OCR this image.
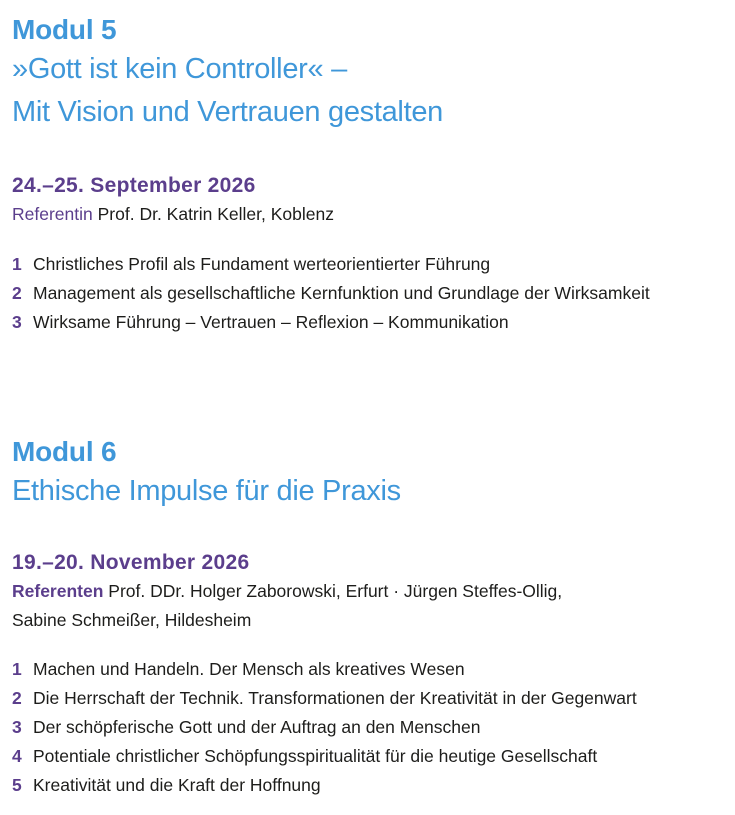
Modul 5
»Gott ist kein Controller« –
Mit Vision und Vertrauen gestalten
24.–25. September 2026
Referentin Prof. Dr. Katrin Keller, Koblenz
1 Christliches Profil als Fundament werteorientierter Führung
2 Management als gesellschaftliche Kernfunktion und Grundlage der Wirksamkeit
3 Wirksame Führung – Vertrauen – Reflexion – Kommunikation
Modul 6
Ethische Impulse für die Praxis
19.–20. November 2026
Referenten Prof. DDr. Holger Zaborowski, Erfurt · Jürgen Steffes-Ollig,
Sabine Schmeißer, Hildesheim
1 Machen und Handeln. Der Mensch als kreatives Wesen
2 Die Herrschaft der Technik. Transformationen der Kreativität in der Gegenwart
3 Der schöpferische Gott und der Auftrag an den Menschen
4 Potentiale christlicher Schöpfungsspiritualität für die heutige Gesellschaft
5 Kreativität und die Kraft der Hoffnung
